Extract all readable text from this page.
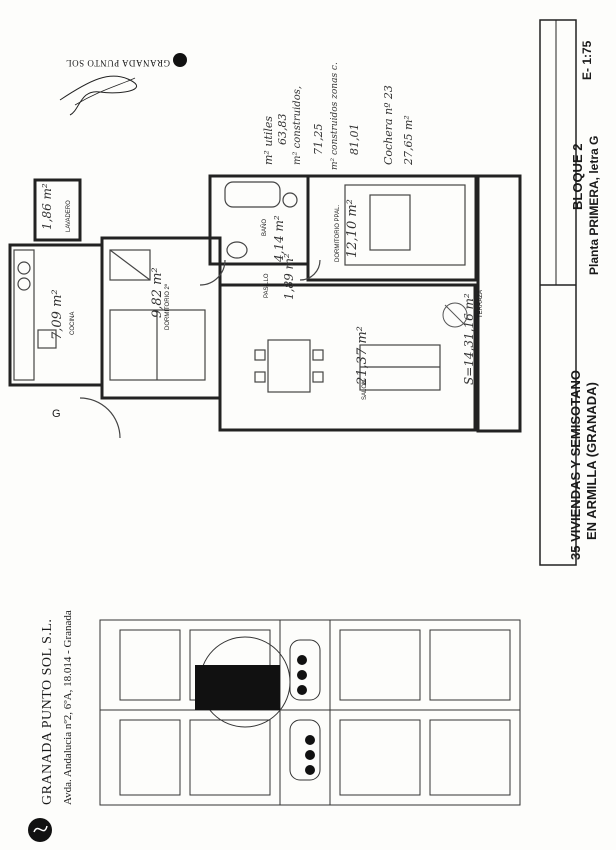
GRANADA PUNTO SOL S.L. Avda. Andalucia nº2, 6ºA, 18.014 - Granada
GRANADA PUNTO SOL
35 VIVIENDAS Y SEMISOTANO EN ARMILLA (GRANADA)
BLOQUE 2 Planta PRIMERA, letra G
E- 1:75
m² utiles 63,83 m² construidos, 71,25 m² construidos zonas c. 81,01 Cochera nº 23 27,65 m²
LAVADERO
1,86 m²
COCINA
7,09 m²	DORMITORIO 2º
9,82 m²
BAÑO 4,14 m²
PASILLO 1,89 m²
DORMITORIO PPAL. 12,10 m²
SALON
21,37 m²
TERRAZA
S=14,31,16 m²
G
